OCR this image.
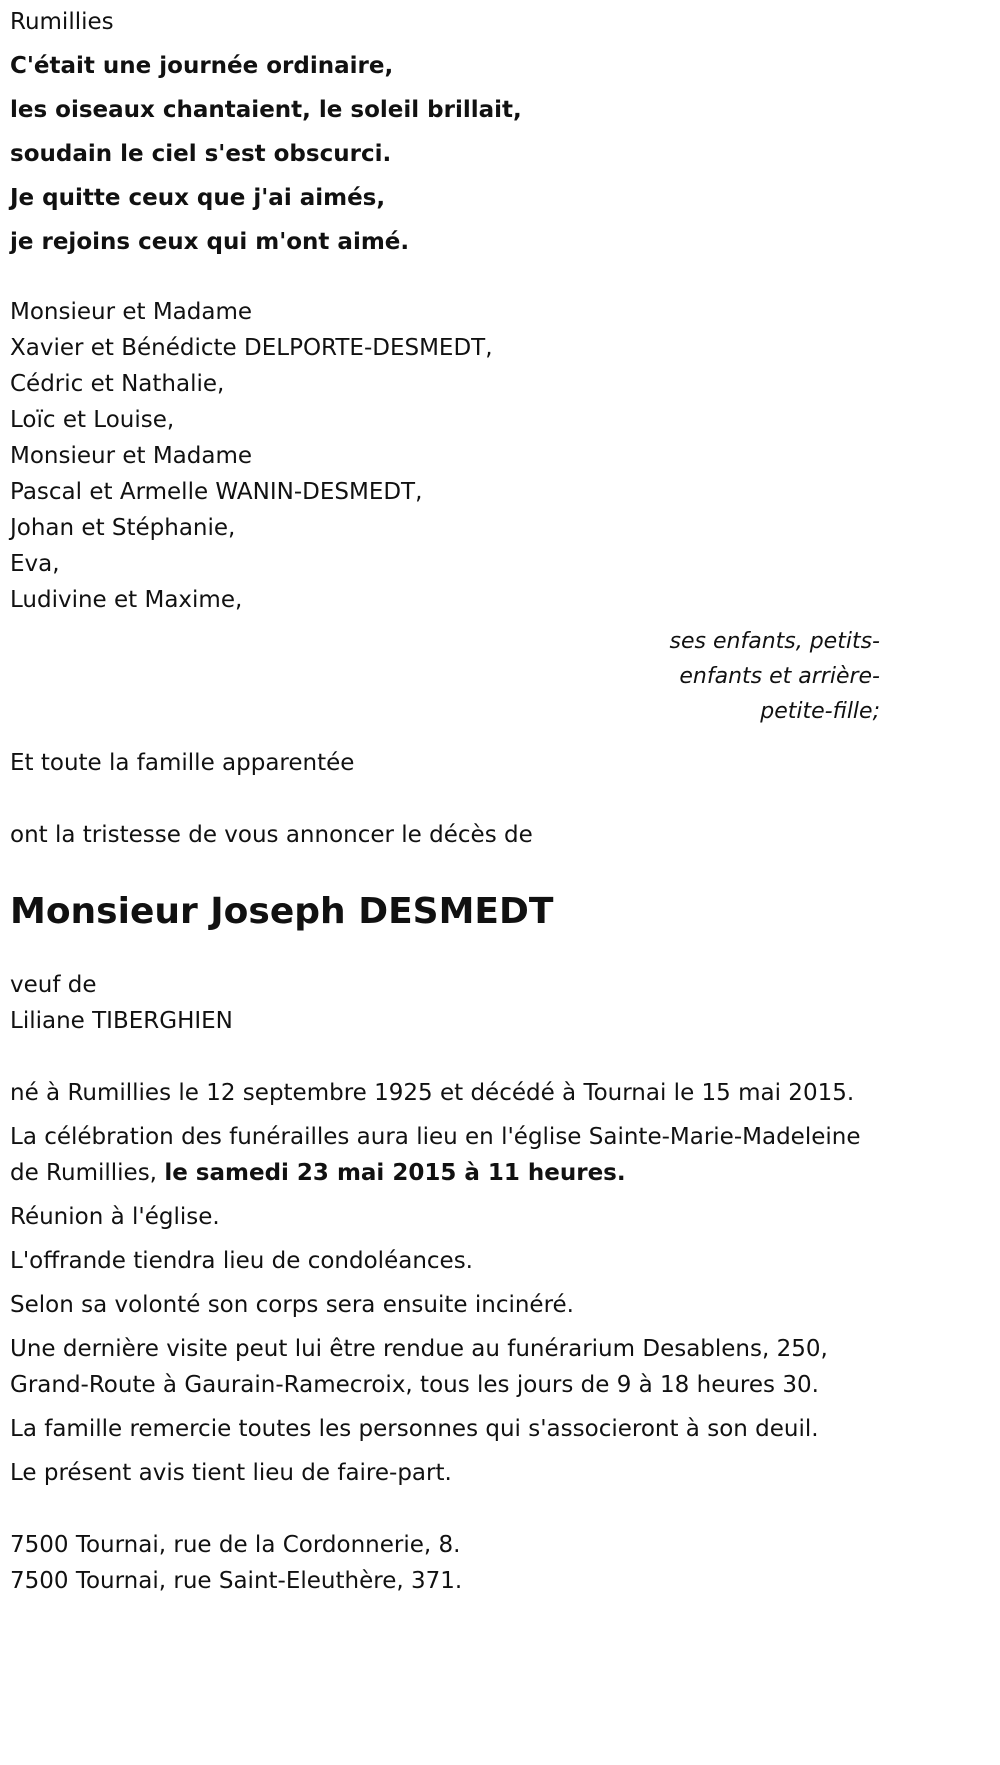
Rumillies
C'était une journée ordinaire,
les oiseaux chantaient, le soleil brillait,
soudain le ciel s'est obscurci.
Je quitte ceux que j'ai aimés,
je rejoins ceux qui m'ont aimé.
Monsieur et Madame
Xavier et Bénédicte DELPORTE-DESMEDT,
Cédric et Nathalie,
Loïc et Louise,
Monsieur et Madame
Pascal et Armelle WANIN-DESMEDT,
Johan et Stéphanie,
Eva,
Ludivine et Maxime,
ses enfants, petits-
enfants et arrière-
petite-fille;
Et toute la famille apparentée
ont la tristesse de vous annoncer le décès de
Monsieur Joseph DESMEDT
veuf de
Liliane TIBERGHIEN
né à Rumillies le 12 septembre 1925 et décédé à Tournai le 15 mai 2015.
La célébration des funérailles aura lieu en l'église Sainte-Marie-Madeleine
de Rumillies, le samedi 23 mai 2015 à 11 heures.
Réunion à l'église.
L'offrande tiendra lieu de condoléances.
Selon sa volonté son corps sera ensuite incinéré.
Une dernière visite peut lui être rendue au funérarium Desablens, 250,
Grand-Route à Gaurain-Ramecroix, tous les jours de 9 à 18 heures 30.
La famille remercie toutes les personnes qui s'associeront à son deuil.
Le présent avis tient lieu de faire-part.
7500 Tournai, rue de la Cordonnerie, 8.
7500 Tournai, rue Saint-Eleuthère, 371.
